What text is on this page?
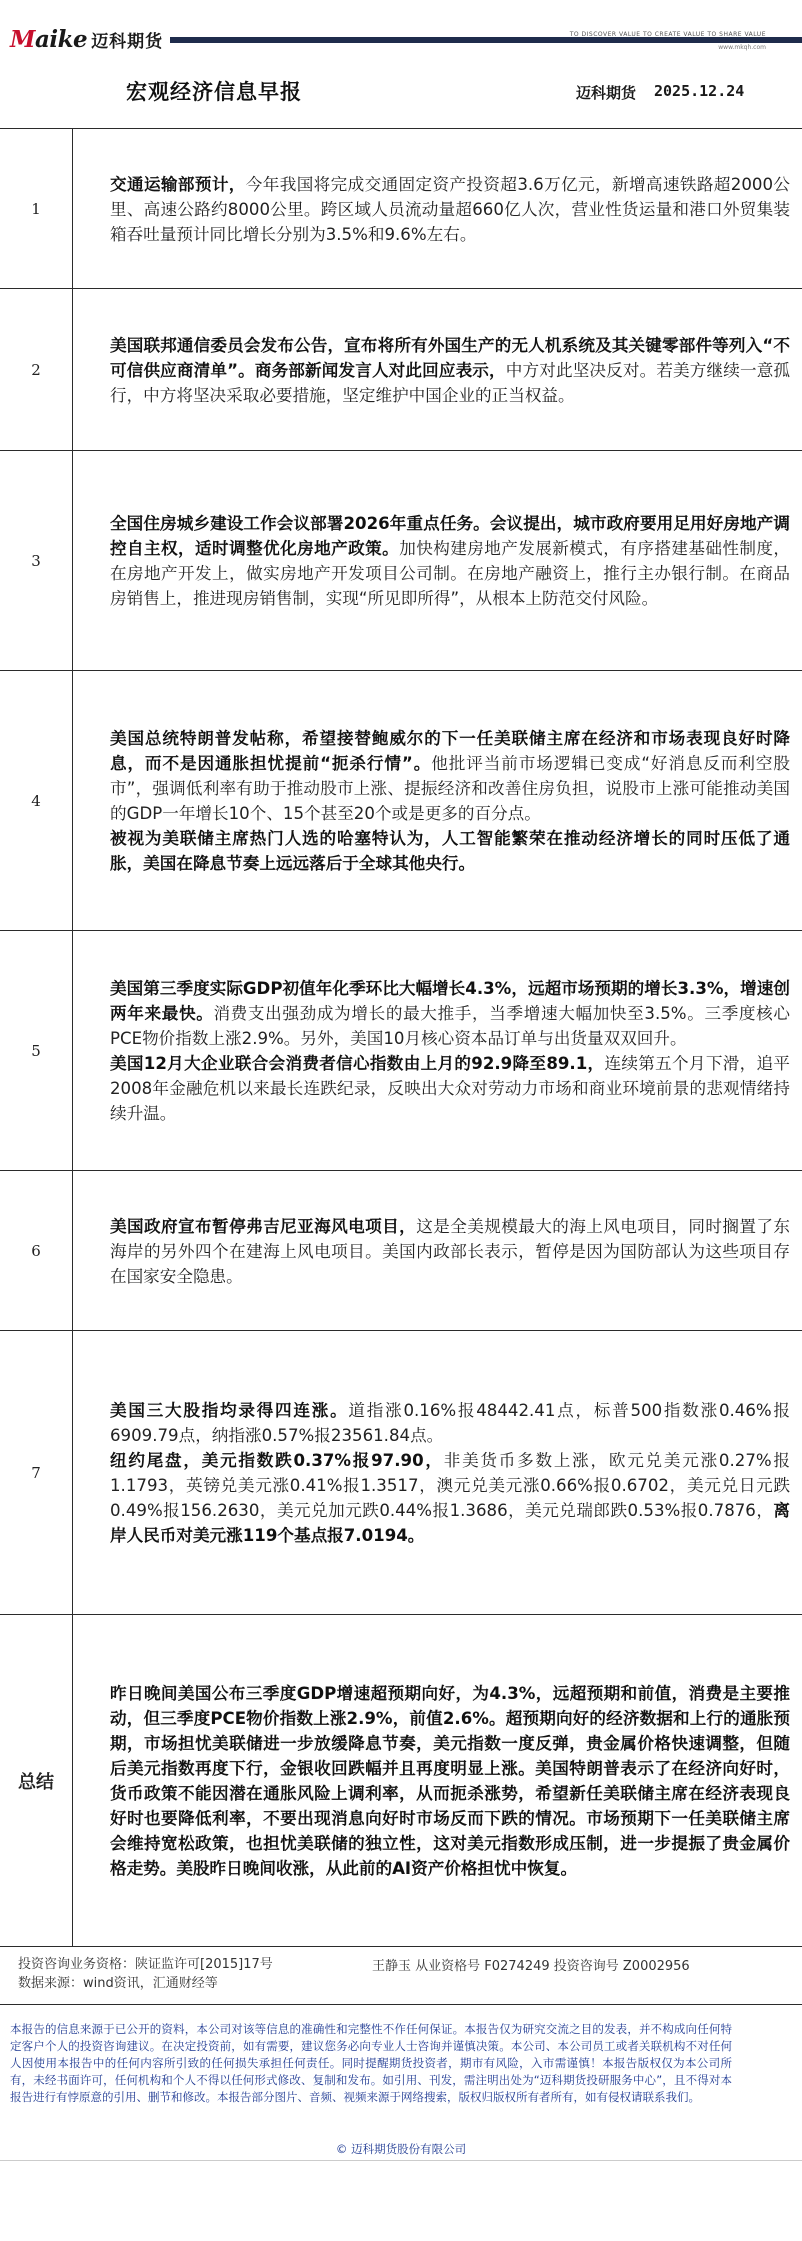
Maike 迈科期货	TO DISCOVER VALUE TO CREATE VALUE TO SHARE VALUE
www.mkqh.com
宏观经济信息早报	迈科期货 2025.12.24
1

交通运输部预计，今年我国将完成交通固定资产投资超3.6万亿元，新增高速铁路超2000公里、高速公路约8000公里。跨区域人员流动量超660亿人次，营业性货运量和港口外贸集装箱吞吐量预计同比增长分别为3.5%和9.6%左右。

2

美国联邦通信委员会发布公告，宣布将所有外国生产的无人机系统及其关键零部件等列入“不可信供应商清单”。商务部新闻发言人对此回应表示，中方对此坚决反对。若美方继续一意孤行，中方将坚决采取必要措施，坚定维护中国企业的正当权益。

3

全国住房城乡建设工作会议部署2026年重点任务。会议提出，城市政府要用足用好房地产调控自主权，适时调整优化房地产政策。加快构建房地产发展新模式，有序搭建基础性制度，在房地产开发上，做实房地产开发项目公司制。在房地产融资上，推行主办银行制。在商品房销售上，推进现房销售制，实现“所见即所得”，从根本上防范交付风险。

4

美国总统特朗普发帖称，希望接替鲍威尔的下一任美联储主席在经济和市场表现良好时降息，而不是因通胀担忧提前“扼杀行情”。他批评当前市场逻辑已变成“好消息反而利空股市”，强调低利率有助于推动股市上涨、提振经济和改善住房负担，说股市上涨可能推动美国的GDP一年增长10个、15个甚至20个或是更多的百分点。

被视为美联储主席热门人选的哈塞特认为，人工智能繁荣在推动经济增长的同时压低了通胀，美国在降息节奏上远远落后于全球其他央行。

5

美国第三季度实际GDP初值年化季环比大幅增长4.3%，远超市场预期的增长3.3%，增速创两年来最快。消费支出强劲成为增长的最大推手，当季增速大幅加快至3.5%。三季度核心PCE物价指数上涨2.9%。另外，美国10月核心资本品订单与出货量双双回升。

美国12月大企业联合会消费者信心指数由上月的92.9降至89.1，连续第五个月下滑，追平2008年金融危机以来最长连跌纪录，反映出大众对劳动力市场和商业环境前景的悲观情绪持续升温。

6

美国政府宣布暂停弗吉尼亚海风电项目，这是全美规模最大的海上风电项目，同时搁置了东海岸的另外四个在建海上风电项目。美国内政部长表示，暂停是因为国防部认为这些项目存在国家安全隐患。

7

美国三大股指均录得四连涨。道指涨0.16%报48442.41点，标普500指数涨0.46%报6909.79点，纳指涨0.57%报23561.84点。

纽约尾盘，美元指数跌0.37%报97.90，非美货币多数上涨，欧元兑美元涨0.27%报1.1793，英镑兑美元涨0.41%报1.3517，澳元兑美元涨0.66%报0.6702，美元兑日元跌0.49%报156.2630，美元兑加元跌0.44%报1.3686，美元兑瑞郎跌0.53%报0.7876，离岸人民币对美元涨119个基点报7.0194。

总结

昨日晚间美国公布三季度GDP增速超预期向好，为4.3%，远超预期和前值，消费是主要推动，但三季度PCE物价指数上涨2.9%，前值2.6%。超预期向好的经济数据和上行的通胀预期，市场担忧美联储进一步放缓降息节奏，美元指数一度反弹，贵金属价格快速调整，但随后美元指数再度下行，金银收回跌幅并且再度明显上涨。美国特朗普表示了在经济向好时，货币政策不能因潜在通胀风险上调利率，从而扼杀涨势，希望新任美联储主席在经济表现良好时也要降低利率，不要出现消息向好时市场反而下跌的情况。市场预期下一任美联储主席会维持宽松政策，也担忧美联储的独立性，这对美元指数形成压制，进一步提振了贵金属价格走势。美股昨日晚间收涨，从此前的AI资产价格担忧中恢复。

投资咨询业务资格：陕证监许可[2015]17号
数据来源：wind资讯，汇通财经等
王静玉 从业资格号 F0274249 投资咨询号 Z0002956
本报告的信息来源于已公开的资料，本公司对该等信息的准确性和完整性不作任何保证。本报告仅为研究交流之目的发表，并不构成向任何特定客户个人的投资咨询建议。在决定投资前，如有需要，建议您务必向专业人士咨询并谨慎决策。本公司、本公司员工或者关联机构不对任何人因使用本报告中的任何内容所引致的任何损失承担任何责任。同时提醒期货投资者，期市有风险，入市需谨慎！本报告版权仅为本公司所有，未经书面许可，任何机构和个人不得以任何形式修改、复制和发布。如引用、刊发，需注明出处为“迈科期货投研服务中心”，且不得对本报告进行有悖原意的引用、删节和修改。本报告部分图片、音频、视频来源于网络搜索，版权归版权所有者所有，如有侵权请联系我们。
© 迈科期货股份有限公司
